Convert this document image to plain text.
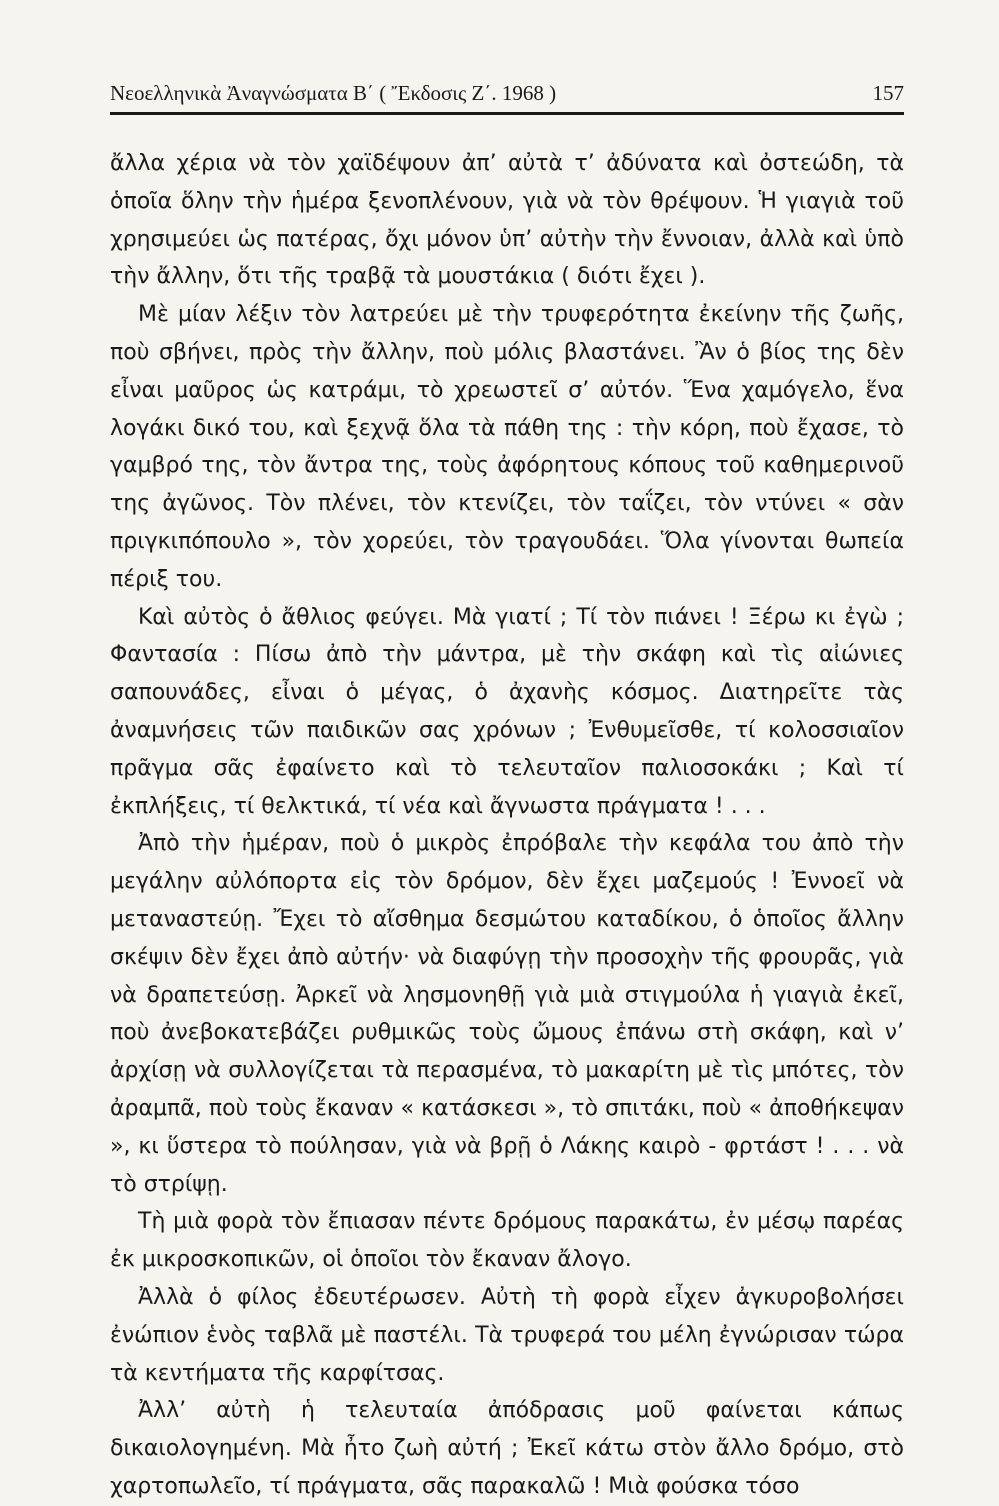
Νεοελληνικὰ Ἀναγνώσματα Β΄ ( Ἔκδοσις Ζ΄. 1968 )	157

ἄλλα χέρια νὰ τὸν χαϊδέψουν ἀπ’ αὐτὰ τ’ ἀδύνατα καὶ ὀστεώδη, τὰ ὁποῖα ὅλην τὴν ἡμέρα ξενοπλένουν, γιὰ νὰ τὸν θρέψουν. Ἡ γιαγιὰ τοῦ χρησιμεύει ὡς πατέρας, ὄχι μόνον ὑπ’ αὐτὴν τὴν ἔννοιαν, ἀλλὰ καὶ ὑπὸ τὴν ἄλλην, ὅτι τῆς τραβᾷ τὰ μουστάκια ( διότι ἔχει ).

Μὲ μίαν λέξιν τὸν λατρεύει μὲ τὴν τρυφερότητα ἐκείνην τῆς ζωῆς, ποὺ σβήνει, πρὸς τὴν ἄλλην, ποὺ μόλις βλαστάνει. Ἂν ὁ βίος της δὲν εἶναι μαῦρος ὡς κατράμι, τὸ χρεωστεῖ σ’ αὐτόν. Ἕνα χαμόγελο, ἕνα λογάκι δικό του, καὶ ξεχνᾷ ὅλα τὰ πάθη της : τὴν κόρη, ποὺ ἔχασε, τὸ γαμβρό της, τὸν ἄντρα της, τοὺς ἀφόρητους κόπους τοῦ καθημερινοῦ της ἀγῶνος. Τὸν πλένει, τὸν κτενίζει, τὸν ταΐζει, τὸν ντύνει « σὰν πριγκιπόπουλο », τὸν χορεύει, τὸν τραγουδάει. Ὅλα γίνονται θωπεία πέριξ του.

Καὶ αὐτὸς ὁ ἄθλιος φεύγει. Μὰ γιατί ; Τί τὸν πιάνει ! Ξέρω κι ἐγὼ ; Φαντασία : Πίσω ἀπὸ τὴν μάντρα, μὲ τὴν σκάφη καὶ τὶς αἰώνιες σαπουνάδες, εἶναι ὁ μέγας, ὁ ἀχανὴς κόσμος. Διατηρεῖτε τὰς ἀναμνήσεις τῶν παιδικῶν σας χρόνων ; Ἐνθυμεῖσθε, τί κολοσσιαῖον πρᾶγμα σᾶς ἐφαίνετο καὶ τὸ τελευταῖον παλιοσοκάκι ; Καὶ τί ἐκπλήξεις, τί θελκτικά, τί νέα καὶ ἄγνωστα πράγματα ! . . .

Ἀπὸ τὴν ἡμέραν, ποὺ ὁ μικρὸς ἐπρόβαλε τὴν κεφάλα του ἀπὸ τὴν μεγάλην αὐλόπορτα εἰς τὸν δρόμον, δὲν ἔχει μαζεμούς ! Ἐννοεῖ νὰ μεταναστεύῃ. Ἔχει τὸ αἴσθημα δεσμώτου καταδίκου, ὁ ὁποῖος ἄλλην σκέψιν δὲν ἔχει ἀπὸ αὐτήν· νὰ διαφύγῃ τὴν προσοχὴν τῆς φρουρᾶς, γιὰ νὰ δραπετεύσῃ. Ἀρκεῖ νὰ λησμονηθῇ γιὰ μιὰ στιγμούλα ἡ γιαγιὰ ἐκεῖ, ποὺ ἀνεβοκατεβάζει ρυθμικῶς τοὺς ὤμους ἐπάνω στὴ σκάφη, καὶ ν’ ἀρχίσῃ νὰ συλλογίζεται τὰ περασμένα, τὸ μακαρίτη μὲ τὶς μπότες, τὸν ἀραμπᾶ, ποὺ τοὺς ἔκαναν « κατάσκεσι », τὸ σπιτάκι, ποὺ « ἀποθήκεψαν », κι ὕστερα τὸ πούλησαν, γιὰ νὰ βρῇ ὁ Λάκης καιρὸ - φρτάστ ! . . . νὰ τὸ στρίψῃ.

Τὴ μιὰ φορὰ τὸν ἔπιασαν πέντε δρόμους παρακάτω, ἐν μέσῳ παρέας ἐκ μικροσκοπικῶν, οἱ ὁποῖοι τὸν ἔκαναν ἄλογο.

Ἀλλὰ ὁ φίλος ἐδευτέρωσεν. Αὐτὴ τὴ φορὰ εἶχεν ἀγκυροβολήσει ἐνώπιον ἑνὸς ταβλᾶ μὲ παστέλι. Τὰ τρυφερά του μέλη ἐγνώρισαν τώρα τὰ κεντήματα τῆς καρφίτσας.

Ἀλλ’ αὐτὴ ἡ τελευταία ἀπόδρασις μοῦ φαίνεται κάπως δικαιολογημένη. Μὰ ἦτο ζωὴ αὐτή ; Ἐκεῖ κάτω στὸν ἄλλο δρόμο, στὸ χαρτοπωλεῖο, τί πράγματα, σᾶς παρακαλῶ ! Μιὰ φούσκα τόσο
